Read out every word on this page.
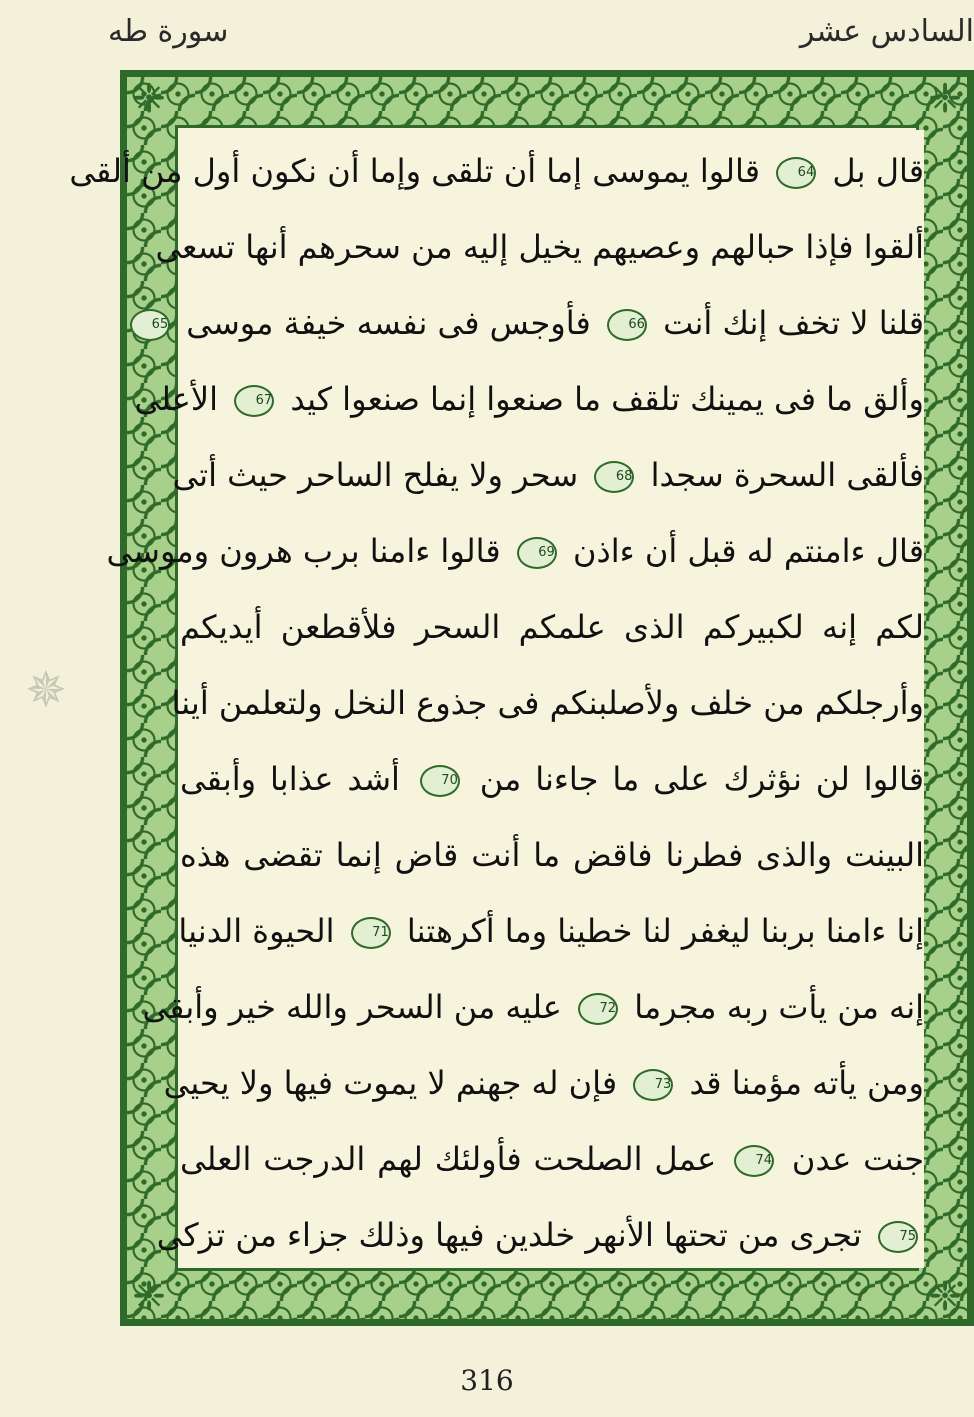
السادس عشر
سورة طه
✵
❈	❈
❈	❈
قال بل 64 قالوا يموسى إما أن تلقى وإما أن نكون أول من ألقى
ألقوا فإذا حبالهم وعصيهم يخيل إليه من سحرهم أنها تسعى
قلنا لا تخف إنك أنت 66 فأوجس فى نفسه خيفة موسى 65
وألق ما فى يمينك تلقف ما صنعوا إنما صنعوا كيد 67 الأعلى
فألقى السحرة سجدا 68 سحر ولا يفلح الساحر حيث أتى
قال ءامنتم له قبل أن ءاذن 69 قالوا ءامنا برب هرون وموسى
لكم إنه لكبيركم الذى علمكم السحر فلأقطعن أيديكم
وأرجلكم من خلف ولأصلبنكم فى جذوع النخل ولتعلمن أينا
قالوا لن نؤثرك على ما جاءنا من 70 أشد عذابا وأبقى
البينت والذى فطرنا فاقض ما أنت قاض إنما تقضى هذه
إنا ءامنا بربنا ليغفر لنا خطينا وما أكرهتنا 71 الحيوة الدنيا
إنه من يأت ربه مجرما 72 عليه من السحر والله خير وأبقى
ومن يأته مؤمنا قد 73 فإن له جهنم لا يموت فيها ولا يحيى
جنت عدن 74 عمل الصلحت فأولئك لهم الدرجت العلى
75 تجرى من تحتها الأنهر خلدين فيها وذلك جزاء من تزكى
316
